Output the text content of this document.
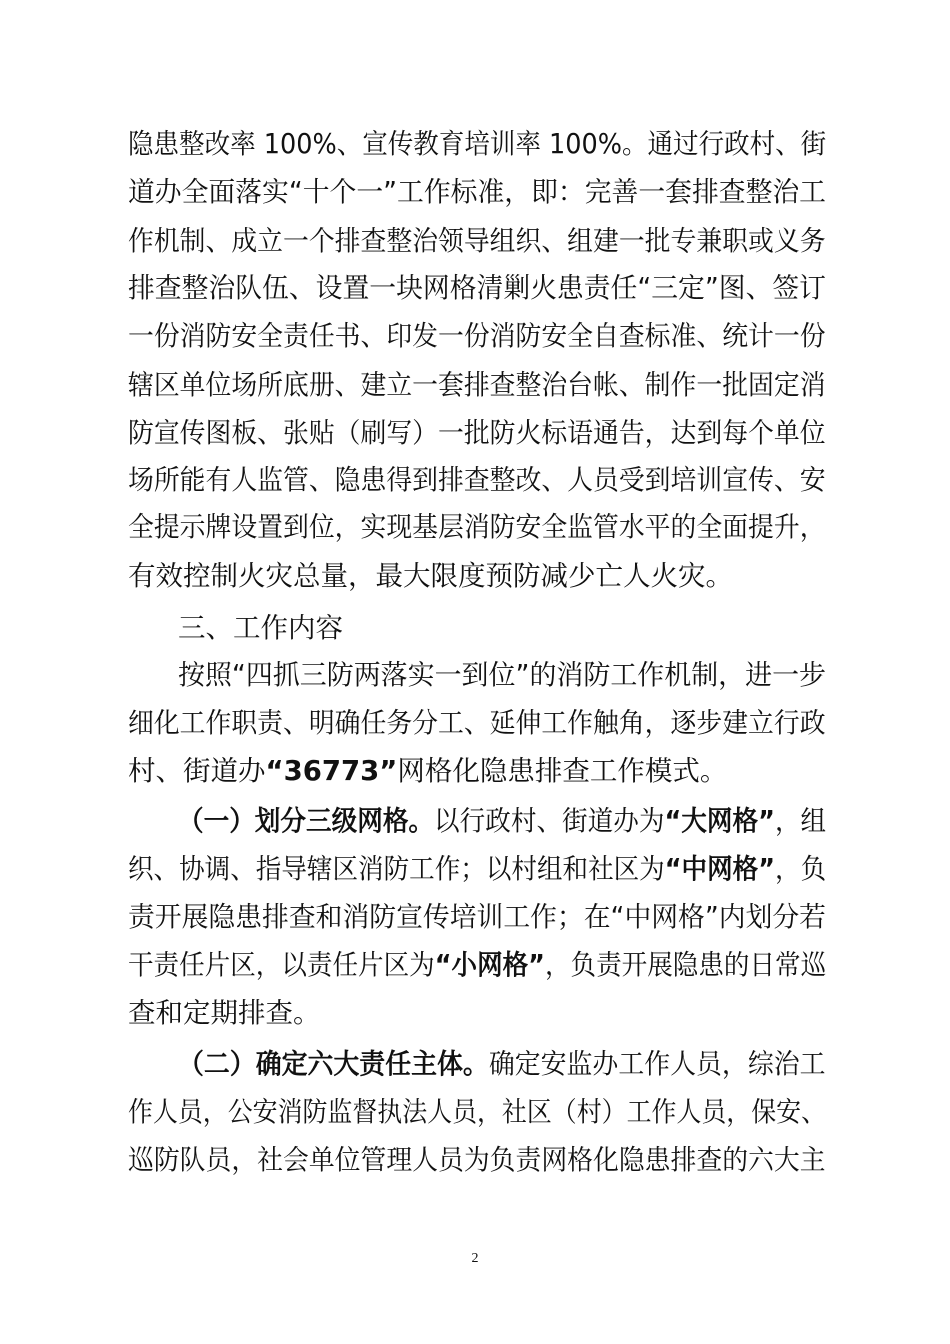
隐患整改率 100%、宣传教育培训率 100%。通过行政村、街

道办全面落实“十个一”工作标准，即：完善一套排查整治工

作机制、成立一个排查整治领导组织、组建一批专兼职或义务

排查整治队伍、设置一块网格清剿火患责任“三定”图、签订

一份消防安全责任书、印发一份消防安全自查标准、统计一份

辖区单位场所底册、建立一套排查整治台帐、制作一批固定消

防宣传图板、张贴（刷写）一批防火标语通告，达到每个单位

场所能有人监管、隐患得到排查整改、人员受到培训宣传、安

全提示牌设置到位，实现基层消防安全监管水平的全面提升，

有效控制火灾总量，最大限度预防减少亡人火灾。

三、工作内容

按照“四抓三防两落实一到位”的消防工作机制，进一步

细化工作职责、明确任务分工、延伸工作触角，逐步建立行政

村、街道办“36773”网格化隐患排查工作模式。

（一）划分三级网格。以行政村、街道办为“大网格”，组

织、协调、指导辖区消防工作；以村组和社区为“中网格”，负

责开展隐患排查和消防宣传培训工作；在“中网格”内划分若

干责任片区，以责任片区为“小网格”，负责开展隐患的日常巡

查和定期排查。

（二）确定六大责任主体。确定安监办工作人员，综治工

作人员，公安消防监督执法人员，社区（村）工作人员，保安、

巡防队员，社会单位管理人员为负责网格化隐患排查的六大主

2
